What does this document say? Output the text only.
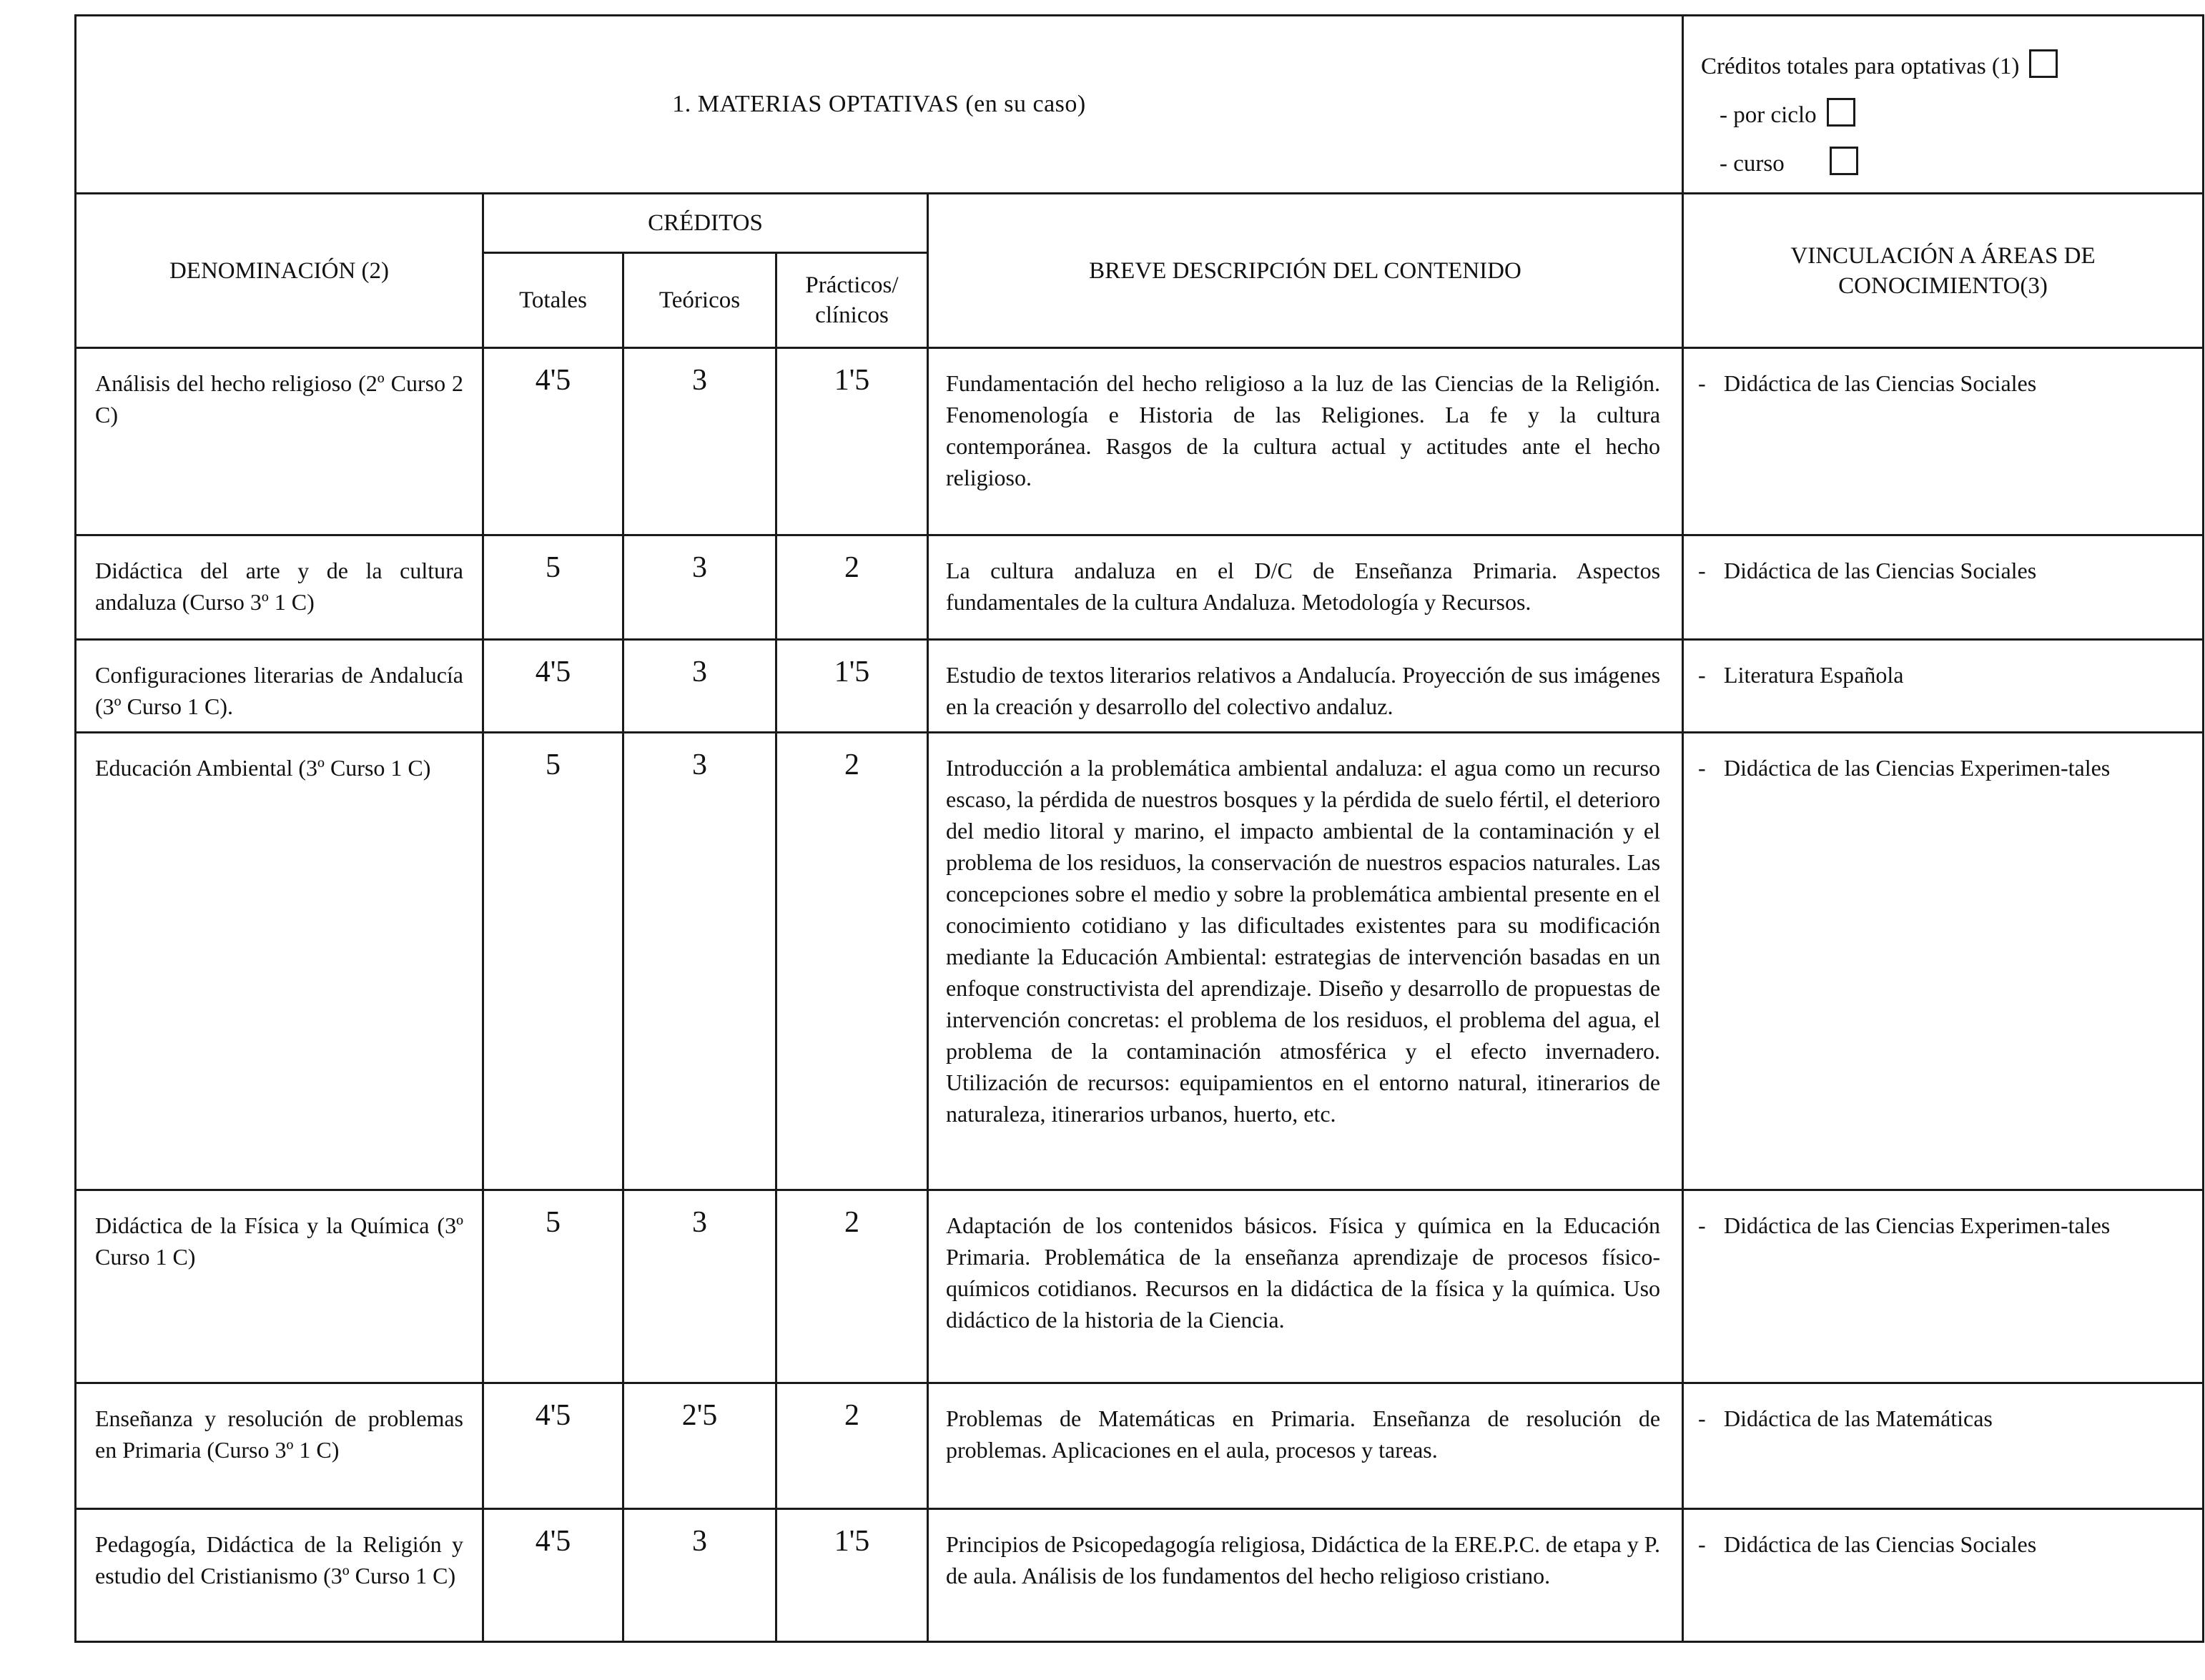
1. MATERIAS OPTATIVAS (en su caso)					Créditos totales para optativas (1)
- por ciclo
- curso

DENOMINACIÓN (2)	CRÉDITOS			BREVE DESCRIPCIÓN DEL CONTENIDO	VINCULACIÓN A ÁREAS DE
CONOCIMIENTO(3)

	Totales	Teóricos	Prácticos/
clínicos		

Análisis del hecho religioso (2º Curso 2 C)	4'5	3	1'5	Fundamentación del hecho religioso a la luz de las Ciencias de la Religión. Fenomenología e Historia de las Religiones. La fe y la cultura contemporánea. Rasgos de la cultura actual y actitudes ante el hecho religioso.	- Didáctica de las Ciencias Sociales

Didáctica del arte y de la cultura andaluza (Curso 3º 1 C)	5	3	2	La cultura andaluza en el D/C de Enseñanza Primaria. Aspectos fundamentales de la cultura Andaluza. Metodología y Recursos.	- Didáctica de las Ciencias Sociales

Configuraciones literarias de Andalucía (3º Curso 1 C).	4'5	3	1'5	Estudio de textos literarios relativos a Andalucía. Proyección de sus imágenes en la creación y desarrollo del colectivo andaluz.	- Literatura Española

Educación Ambiental (3º Curso 1 C)	5	3	2	Introducción a la problemática ambiental andaluza: el agua como un recurso escaso, la pérdida de nuestros bosques y la pérdida de suelo fértil, el deterioro del medio litoral y marino, el impacto ambiental de la contaminación y el problema de los residuos, la conservación de nuestros espacios naturales. Las concepciones sobre el medio y sobre la problemática ambiental presente en el conocimiento cotidiano y las dificultades existentes para su modificación mediante la Educación Ambiental: estrategias de intervención basadas en un enfoque constructivista del aprendizaje. Diseño y desarrollo de propuestas de intervención concretas: el problema de los residuos, el problema del agua, el problema de la contaminación atmosférica y el efecto invernadero. Utilización de recursos: equipamientos en el entorno natural, itinerarios de naturaleza, itinerarios urbanos, huerto, etc.	- Didáctica de las Ciencias Experimen-tales

Didáctica de la Física y la Química (3º Curso 1 C)	5	3	2	Adaptación de los contenidos básicos. Física y química en la Educación Primaria. Problemática de la enseñanza aprendizaje de procesos físico-químicos cotidianos. Recursos en la didáctica de la física y la química. Uso didáctico de la historia de la Ciencia.	- Didáctica de las Ciencias Experimen-tales

Enseñanza y resolución de problemas en Primaria (Curso 3º 1 C)	4'5	2'5	2	Problemas de Matemáticas en Primaria. Enseñanza de resolución de problemas. Aplicaciones en el aula, procesos y tareas.	- Didáctica de las Matemáticas

Pedagogía, Didáctica de la Religión y estudio del Cristianismo (3º Curso 1 C)	4'5	3	1'5	Principios de Psicopedagogía religiosa, Didáctica de la ERE.P.C. de etapa y P. de aula. Análisis de los fundamentos del hecho religioso cristiano.	- Didáctica de las Ciencias Sociales
